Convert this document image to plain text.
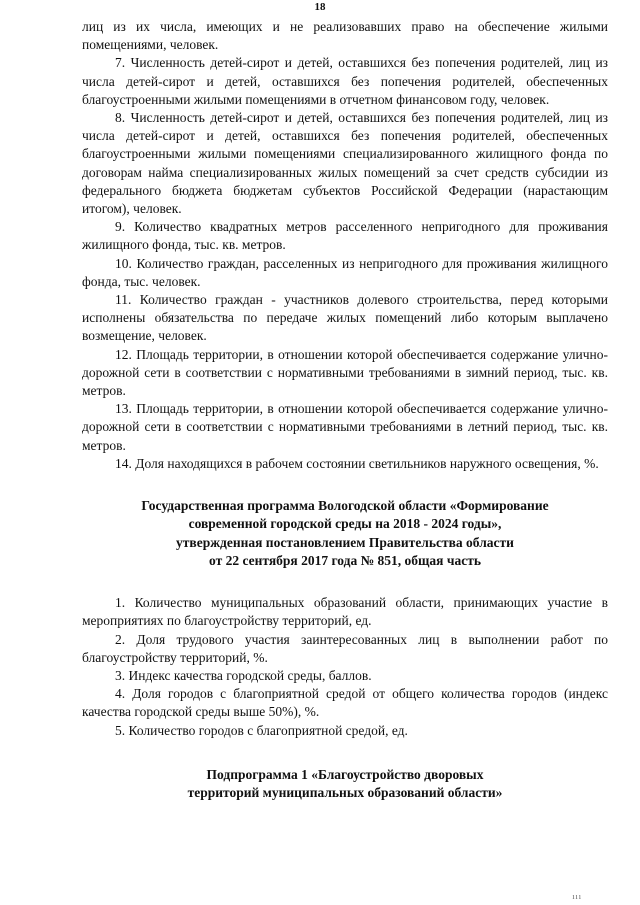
18

лиц из их числа, имеющих и не реализовавших право на обеспечение жилыми помещениями, человек.

7. Численность детей-сирот и детей, оставшихся без попечения родителей, лиц из числа детей-сирот и детей, оставшихся без попечения родителей, обеспеченных благоустроенными жилыми помещениями в отчетном финансовом году, человек.

8. Численность детей-сирот и детей, оставшихся без попечения родителей, лиц из числа детей-сирот и детей, оставшихся без попечения родителей, обеспеченных благоустроенными жилыми помещениями специализированного жилищного фонда по договорам найма специализированных жилых помещений за счет средств субсидии из федерального бюджета бюджетам субъектов Российской Федерации (нарастающим итогом), человек.

9. Количество квадратных метров расселенного непригодного для проживания жилищного фонда, тыс. кв. метров.

10. Количество граждан, расселенных из непригодного для проживания жилищного фонда, тыс. человек.

11. Количество граждан - участников долевого строительства, перед которыми исполнены обязательства по передаче жилых помещений либо которым выплачено возмещение, человек.

12. Площадь территории, в отношении которой обеспечивается содержание улично-дорожной сети в соответствии с нормативными требованиями в зимний период, тыс. кв. метров.

13. Площадь территории, в отношении которой обеспечивается содержание улично-дорожной сети в соответствии с нормативными требованиями в летний период, тыс. кв. метров.

14. Доля находящихся в рабочем состоянии светильников наружного освещения, %.

Государственная программа Вологодской области «Формирование
современной городской среды на 2018 - 2024 годы»,
утвержденная постановлением Правительства области
от 22 сентября 2017 года № 851, общая часть

1. Количество муниципальных образований области, принимающих участие в мероприятиях по благоустройству территорий, ед.

2. Доля трудового участия заинтересованных лиц в выполнении работ по благоустройству территорий, %.

3. Индекс качества городской среды, баллов.

4. Доля городов с благоприятной средой от общего количества городов (индекс качества городской среды выше 50%), %.

5. Количество городов с благоприятной средой, ед.

Подпрограмма 1 «Благоустройство дворовых
территорий муниципальных образований области»
ııı
